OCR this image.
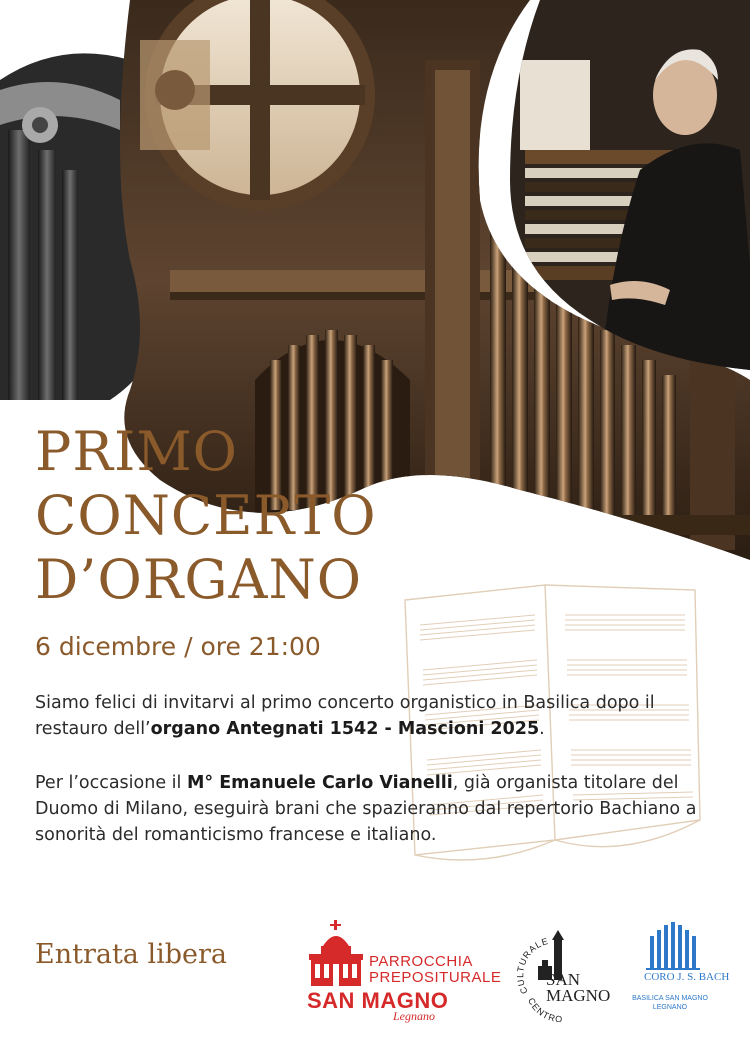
PRIMO
CONCERTO
D’ORGANO
6 dicembre / ore 21:00

Siamo felici di invitarvi al primo concerto organistico in Basilica dopo il restauro dell’organo Antegnati 1542 - Mascioni 2025.

Per l’occasione il M° Emanuele Carlo Vianelli, già organista titolare del Duomo di Milano, eseguirà brani che spazieranno dal repertorio Bachiano a sonorità del romanticismo francese e italiano.

Entrata libera	PARROCCHIA
PREPOSITURALE
SAN MAGNO
Legnano
CULTURALE
CENTRO
SAN
MAGNO
CORO J. S. BACH
BASILICA SAN MAGNO
LEGNANO
